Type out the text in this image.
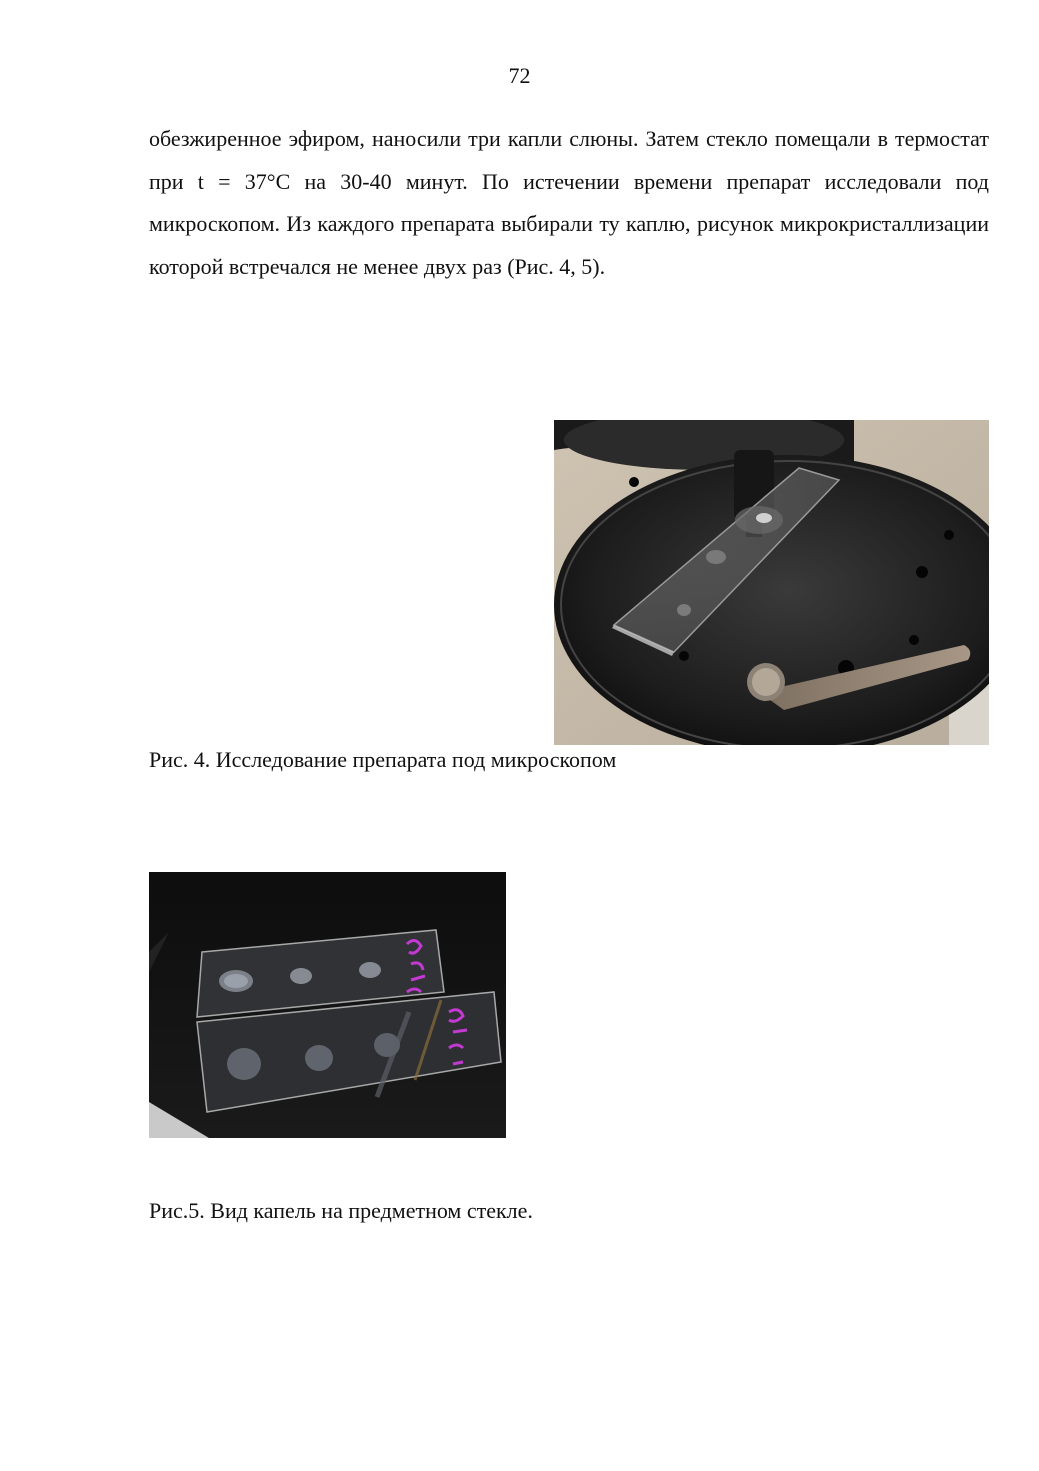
72

обезжиренное эфиром, наносили три капли слюны. Затем стекло помещали в термостат при t = 37°C на 30-40 минут. По истечении времени препарат исследовали под микроскопом. Из каждого препарата выбирали ту каплю, рисунок микрокристаллизации которой встречался не менее двух раз (Рис. 4, 5).

Рис. 4. Исследование препарата под микроскопом
Рис.5. Вид капель на предметном стекле.
